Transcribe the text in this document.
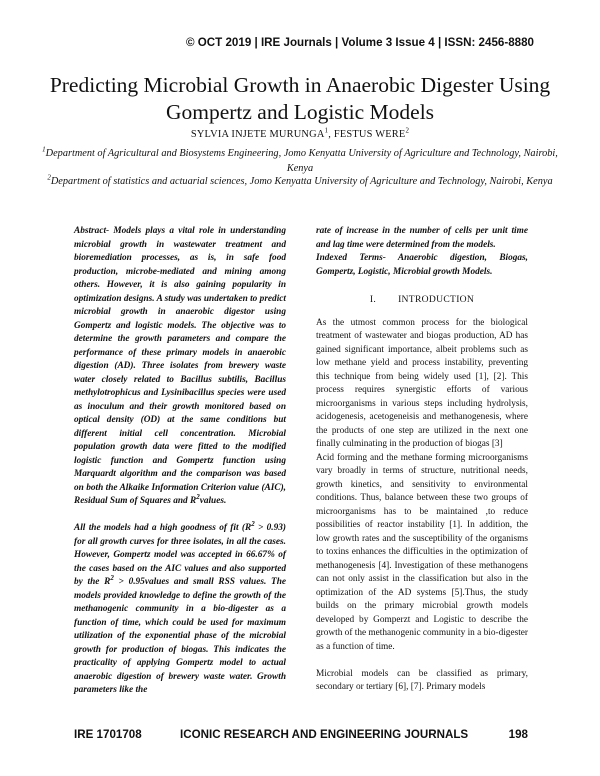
© OCT 2019 | IRE Journals | Volume 3 Issue 4 | ISSN: 2456-8880
Predicting Microbial Growth in Anaerobic Digester Using
Gompertz and Logistic Models
SYLVIA INJETE MURUNGA$^1$, FESTUS WERE$^2$
$^1$Department of Agricultural and Biosystems Engineering, Jomo Kenyatta University of Agriculture and Technology, Nairobi, Kenya
$^2$Department of statistics and actuarial sciences, Jomo Kenyatta University of Agriculture and Technology, Nairobi, Kenya

Abstract- Models plays a vital role in understanding microbial growth in wastewater treatment and bioremediation processes, as is, in safe food production, microbe-mediated and mining among others. However, it is also gaining popularity in optimization designs. A study was undertaken to predict microbial growth in anaerobic digestor using Gompertz and logistic models. The objective was to determine the growth parameters and compare the performance of these primary models in anaerobic digestion (AD). Three isolates from brewery waste water closely related to Bacillus subtilis, Bacillus methylotrophicus and Lysinibacillus species were used as inoculum and their growth monitored based on optical density (OD) at the same conditions but different initial cell concentration. Microbial population growth data were fitted to the modified logistic function and Gompertz function using Marquardt algorithm and the comparison was based on both the Alkaike Information Criterion value (AIC), Residual Sum of Squares and $R^2values$.

All the models had a high goodness of fit $(R^2 > 0.93)$ for all growth curves for three isolates, in all the cases. However, Gompertz model was accepted in 66.67% of the cases based on the AIC values and also supported by the $R^2$ > 0.95values and small RSS values. The models provided knowledge to define the growth of the methanogenic community in a bio-digester as a function of time, which could be used for maximum utilization of the exponential phase of the microbial growth for production of biogas. This indicates the practicality of applying Gompertz model to actual anaerobic digestion of brewery waste water. Growth parameters like the

rate of increase in the number of cells per unit time and lag time were determined from the models.

Indexed Terms- Anaerobic digestion, Biogas, Gompertz, Logistic, Microbial growth Models.

I. INTRODUCTION

As the utmost common process for the biological treatment of wastewater and biogas production, AD has gained significant importance, albeit problems such as low methane yield and process instability, preventing this technique from being widely used [1], [2]. This process requires synergistic efforts of various microorganisms in various steps including hydrolysis, acidogenesis, acetogeneisis and methanogenesis, where the products of one step are utilized in the next one finally culminating in the production of biogas [3]

Acid forming and the methane forming microorganisms vary broadly in terms of structure, nutritional needs, growth kinetics, and sensitivity to environmental conditions. Thus, balance between these two groups of microorganisms has to be maintained ,to reduce possibilities of reactor instability [1]. In addition, the low growth rates and the susceptibility of the organisms to toxins enhances the difficulties in the optimization of methanogenesis [4]. Investigation of these methanogens can not only assist in the classification but also in the optimization of the AD systems [5].Thus, the study builds on the primary microbial growth models developed by Gomperzt and Logistic to describe the growth of the methanogenic community in a bio-digester as a function of time.

Microbial models can be classified as primary, secondary or tertiary [6], [7]. Primary models

IRE 1701708	ICONIC RESEARCH AND ENGINEERING JOURNALS	198
